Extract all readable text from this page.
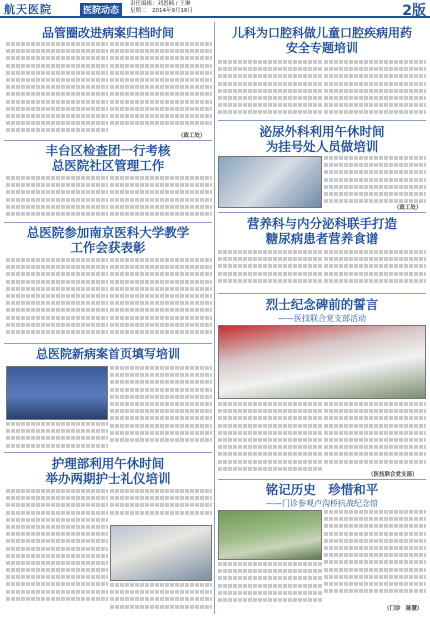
航天医院	医院动态
责任编辑：刘恩楠 / 王琳
星期二　2014年9月16日	2版
品管圈改进病案归档时间
（政工处）
丰台区检查团一行考核
总医院社区管理工作
总医院参加南京医科大学教学
工作会获表彰
总医院新病案首页填写培训
护理部利用午休时间
举办两期护士礼仪培训
儿科为口腔科做儿童口腔疾病用药
安全专题培训
泌尿外科利用午休时间
为挂号处人员做培训
（政工处）
营养科与内分泌科联手打造
糖尿病患者营养食谱
烈士纪念碑前的誓言
——医技联合党支部活动
（医技联合党支部）
铭记历史　珍惜和平
——门诊参观卢沟桥抗战纪念馆
（门诊　陈慧）
